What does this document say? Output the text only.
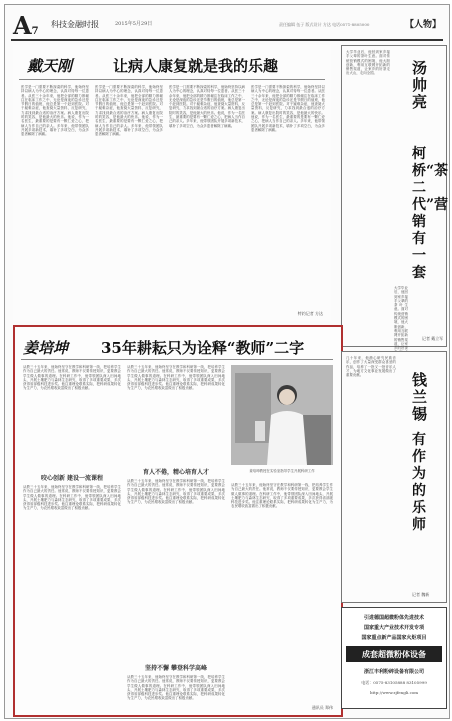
A7
科技金融时报	2015年5月29日	责任编辑 伍子 版式设计 方达 电话0571-8805000	【人物】
戴天刚	让病人康复就是我的乐趣
医学是一门需要不断探索的科学，他始终坚持以病人为中心的理念，认真对待每一位患者。从医三十余年来，他把全部的精力都倾注在临床工作之中，无论是深夜的急诊还是节假日的值班，他总是第一个赶到医院。对于疑难杂症，他查阅大量资料，反复研究，力求找到最合适的治疗方案。病人康复出院时的笑容，是他最大的快乐。他说，作为一名医生，最重要的是要有一颗仁爱之心，把病人当作自己的亲人。多年来，他带领团队开展多项新技术，填补了多项空白，为众多患者解除了病痛。
医学是一门需要不断探索的科学，他始终坚持以病人为中心的理念，认真对待每一位患者。从医三十余年来，他把全部的精力都倾注在临床工作之中，无论是深夜的急诊还是节假日的值班，他总是第一个赶到医院。对于疑难杂症，他查阅大量资料，反复研究，力求找到最合适的治疗方案。病人康复出院时的笑容，是他最大的快乐。他说，作为一名医生，最重要的是要有一颗仁爱之心，把病人当作自己的亲人。多年来，他带领团队开展多项新技术，填补了多项空白，为众多患者解除了病痛。
医学是一门需要不断探索的科学，他始终坚持以病人为中心的理念，认真对待每一位患者。从医三十余年来，他把全部的精力都倾注在临床工作之中，无论是深夜的急诊还是节假日的值班，他总是第一个赶到医院。对于疑难杂症，他查阅大量资料，反复研究，力求找到最合适的治疗方案。病人康复出院时的笑容，是他最大的快乐。他说，作为一名医生，最重要的是要有一颗仁爱之心，把病人当作自己的亲人。多年来，他带领团队开展多项新技术，填补了多项空白，为众多患者解除了病痛。
医学是一门需要不断探索的科学，他始终坚持以病人为中心的理念，认真对待每一位患者。从医三十余年来，他把全部的精力都倾注在临床工作之中，无论是深夜的急诊还是节假日的值班，他总是第一个赶到医院。对于疑难杂症，他查阅大量资料，反复研究，力求找到最合适的治疗方案。病人康复出院时的笑容，是他最大的快乐。他说，作为一名医生，最重要的是要有一颗仁爱之心，把病人当作自己的亲人。多年来，他带领团队开展多项新技术，填补了多项空白，为众多患者解除了病痛。
特约记者 方达
大学毕业后，他回到家乡接手父辈的茶叶生意。面对传统营销模式的困境，他大胆创新，利用互联网开拓新的销售渠道，让家乡的好茶走出大山，走向全国。	汤帅亮
柯桥“茶二代”营销有一套
大学毕业后，他回到家乡接手父辈的茶叶生意。面对传统营销模式的困境，他大胆创新，利用互联网开拓新的销售渠道，让家乡的好茶
记者 戴立军
姜培坤 35年耕耘只为诠释“教师”二字
从教三十五年来，他始终坚守在教学和科研第一线，把培养学生作为自己最大的责任。他常说，教师不仅要传授知识，更要教会学生做人做事的道理。在科研工作中，他带领团队深入田间地头，开展土壤肥力与森林生态研究，取得了多项重要成果，多次获得省部级科技进步奖。他注重理论联系实际，把科研成果转化为生产力，为农民增收致富做出了积极贡献。
咬心创新 建设一流课程
从教三十五年来，他始终坚守在教学和科研第一线，把培养学生作为自己最大的责任。他常说，教师不仅要传授知识，更要教会学生做人做事的道理。在科研工作中，他带领团队深入田间地头，开展土壤肥力与森林生态研究，取得了多项重要成果，多次获得省部级科技进步奖。他注重理论联系实际，把科研成果转化为生产力，为农民增收致富做出了积极贡献。
从教三十五年来，他始终坚守在教学和科研第一线，把培养学生作为自己最大的责任。他常说，教师不仅要传授知识，更要教会学生做人做事的道理。在科研工作中，他带领团队深入田间地头，开展土壤肥力与森林生态研究，取得了多项重要成果，多次获得省部级科技进步奖。他注重理论联系实际，把科研成果转化为生产力，为农民增收致富做出了积极贡献。
育人不倦，精心培育人才
从教三十五年来，他始终坚守在教学和科研第一线，把培养学生作为自己最大的责任。他常说，教师不仅要传授知识，更要教会学生做人做事的道理。在科研工作中，他带领团队深入田间地头，开展土壤肥力与森林生态研究，取得了多项重要成果，多次获得省部级科技进步奖。他注重理论联系实际，把科研成果转化为生产力，为农民增收致富做出了积极贡献。
坚持不懈 攀登科学高峰
从教三十五年来，他始终坚守在教学和科研第一线，把培养学生作为自己最大的责任。他常说，教师不仅要传授知识，更要教会学生做人做事的道理。在科研工作中，他带领团队深入田间地头，开展土壤肥力与森林生态研究，取得了多项重要成果，多次获得省部级科技进步奖。他注重理论联系实际，把科研成果转化为生产力，为农民增收致富做出了积极贡献。
姜培坤教授在实验室指导学生开展科研工作
从教三十五年来，他始终坚守在教学和科研第一线，把培养学生作为自己最大的责任。他常说，教师不仅要传授知识，更要教会学生做人做事的道理。在科研工作中，他带领团队深入田间地头，开展土壤肥力与森林生态研究，取得了多项重要成果，多次获得省部级科技进步奖。他注重理论联系实际，把科研成果转化为生产力，为农民增收致富做出了积极贡献。
通讯员 郑伟
几十年来，他潜心研究民族音乐，创作了大量深受群众喜爱的作品，培养了一批又一批音乐人才，为地方文化事业发展做出了重要贡献。	钱兰锡
有作为的乐师
记者 魏新
引进德国超微粉体先进技术
国家重大产业技术开发专项
国家重点新产品国家火炬项目
成套超微粉体设备
浙江丰利粉碎设备有限公司
电话：0575-83105888 83105999
http://www.zjfengli.com
